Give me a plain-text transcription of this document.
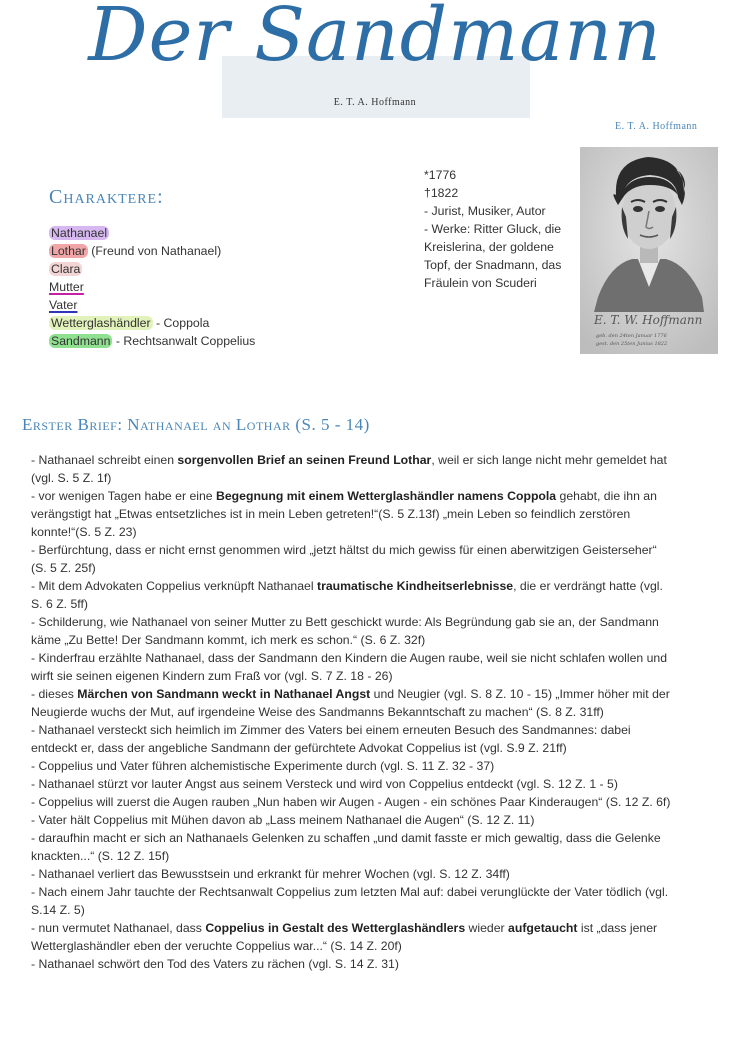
Der Sandmann
E. T. A. Hoffmann
E. T. A. Hoffmann
E. T. W. Hoffmann
geb. den 24ten Januar 1776
gest. den 25ten Junius 1822
Charaktere:
Nathanael
Lothar (Freund von Nathanael)
Clara
Mutter
Vater
Wetterglashändler - Coppola
Sandmann - Rechtsanwalt Coppelius
*1776
†1822
- Jurist, Musiker, Autor
- Werke: Ritter Gluck, die Kreislerina, der goldene Topf, der Snadmann, das Fräulein von Scuderi
Erster Brief: Nathanael an Lothar (S. 5 - 14)
- Nathanael schreibt einen sorgenvollen Brief an seinen Freund Lothar, weil er sich lange nicht mehr gemeldet hat (vgl. S. 5 Z. 1f)
- vor wenigen Tagen habe er eine Begegnung mit einem Wetterglashändler namens Coppola gehabt, die ihn an verängstigt hat „Etwas entsetzliches ist in mein Leben getreten!“(S. 5 Z.13f) „mein Leben so feindlich zerstören konnte!“(S. 5 Z. 23)
- Berfürchtung, dass er nicht ernst genommen wird „jetzt hältst du mich gewiss für einen aberwitzigen Geisterseher“ (S. 5 Z. 25f)
- Mit dem Advokaten Coppelius verknüpft Nathanael traumatische Kindheitserlebnisse, die er verdrängt hatte (vgl. S. 6 Z. 5ff)
- Schilderung, wie Nathanael von seiner Mutter zu Bett geschickt wurde: Als Begründung gab sie an, der Sandmann käme „Zu Bette! Der Sandmann kommt, ich merk es schon.“ (S. 6 Z. 32f)
- Kinderfrau erzählte Nathanael, dass der Sandmann den Kindern die Augen raube, weil sie nicht schlafen wollen und wirft sie seinen eigenen Kindern zum Fraß vor (vgl. S. 7 Z. 18 - 26)
- dieses Märchen von Sandmann weckt in Nathanael Angst und Neugier (vgl. S. 8 Z. 10 - 15) „Immer höher mit der Neugierde wuchs der Mut, auf irgendeine Weise des Sandmanns Bekanntschaft zu machen“ (S. 8 Z. 31ff)
- Nathanael versteckt sich heimlich im Zimmer des Vaters bei einem erneuten Besuch des Sandmannes: dabei entdeckt er, dass der angebliche Sandmann der gefürchtete Advokat Coppelius ist (vgl. S.9 Z. 21ff)
- Coppelius und Vater führen alchemistische Experimente durch (vgl. S. 11 Z. 32 - 37)
- Nathanael stürzt vor lauter Angst aus seinem Versteck und wird von Coppelius entdeckt (vgl. S. 12 Z. 1 - 5)
- Coppelius will zuerst die Augen rauben „Nun haben wir Augen - Augen - ein schönes Paar Kinderaugen“ (S. 12 Z. 6f)
- Vater hält Coppelius mit Mühen davon ab „Lass meinem Nathanael die Augen“ (S. 12 Z. 11)
- daraufhin macht er sich an Nathanaels Gelenken zu schaffen „und damit fasste er mich gewaltig, dass die Gelenke knackten...“ (S. 12 Z. 15f)
- Nathanael verliert das Bewusstsein und erkrankt für mehrer Wochen (vgl. S. 12 Z. 34ff)
- Nach einem Jahr tauchte der Rechtsanwalt Coppelius zum letzten Mal auf: dabei verunglückte der Vater tödlich (vgl. S.14 Z. 5)
- nun vermutet Nathanael, dass Coppelius in Gestalt des Wetterglashändlers wieder aufgetaucht ist „dass jener Wetterglashändler eben der veruchte Coppelius war...“ (S. 14 Z. 20f)
- Nathanael schwört den Tod des Vaters zu rächen (vgl. S. 14 Z. 31)
